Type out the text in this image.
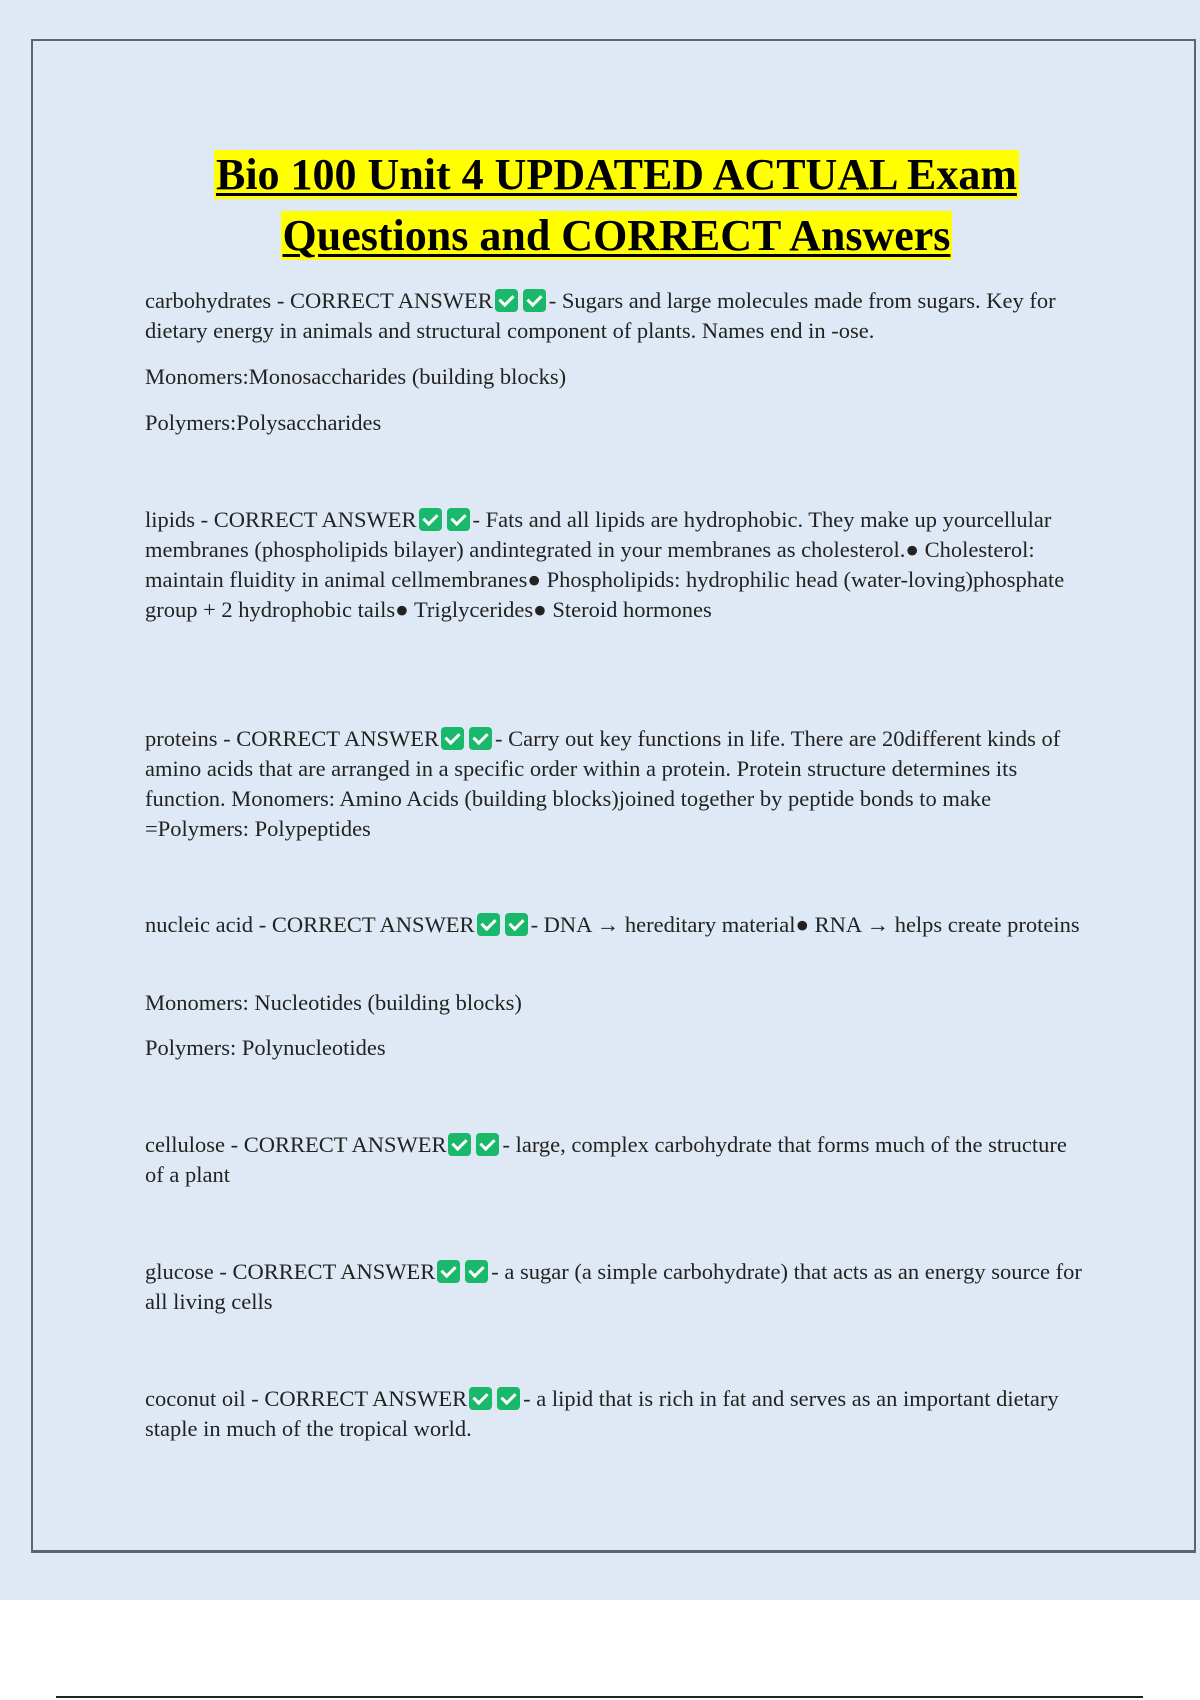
Bio 100 Unit 4 UPDATED ACTUAL Exam
Questions and CORRECT Answers

carbohydrates - CORRECT ANSWER - Sugars and large molecules made from sugars. Key for dietary energy in animals and structural component of plants. Names end in -ose.

Monomers:Monosaccharides (building blocks)

Polymers:Polysaccharides

lipids - CORRECT ANSWER - Fats and all lipids are hydrophobic. They make up yourcellular membranes (phospholipids bilayer) andintegrated in your membranes as cholesterol.● Cholesterol: maintain fluidity in animal cellmembranes● Phospholipids: hydrophilic head (water-loving)phosphate group + 2 hydrophobic tails● Triglycerides● Steroid hormones

proteins - CORRECT ANSWER - Carry out key functions in life. There are 20different kinds of amino acids that are arranged in a specific order within a protein. Protein structure determines its function. Monomers: Amino Acids (building blocks)joined together by peptide bonds to make =Polymers: Polypeptides

nucleic acid - CORRECT ANSWER - DNA → hereditary material● RNA → helps create proteins

Monomers: Nucleotides (building blocks)

Polymers: Polynucleotides

cellulose - CORRECT ANSWER - large, complex carbohydrate that forms much of the structure of a plant

glucose - CORRECT ANSWER - a sugar (a simple carbohydrate) that acts as an energy source for all living cells

coconut oil - CORRECT ANSWER - a lipid that is rich in fat and serves as an important dietary staple in much of the tropical world.
